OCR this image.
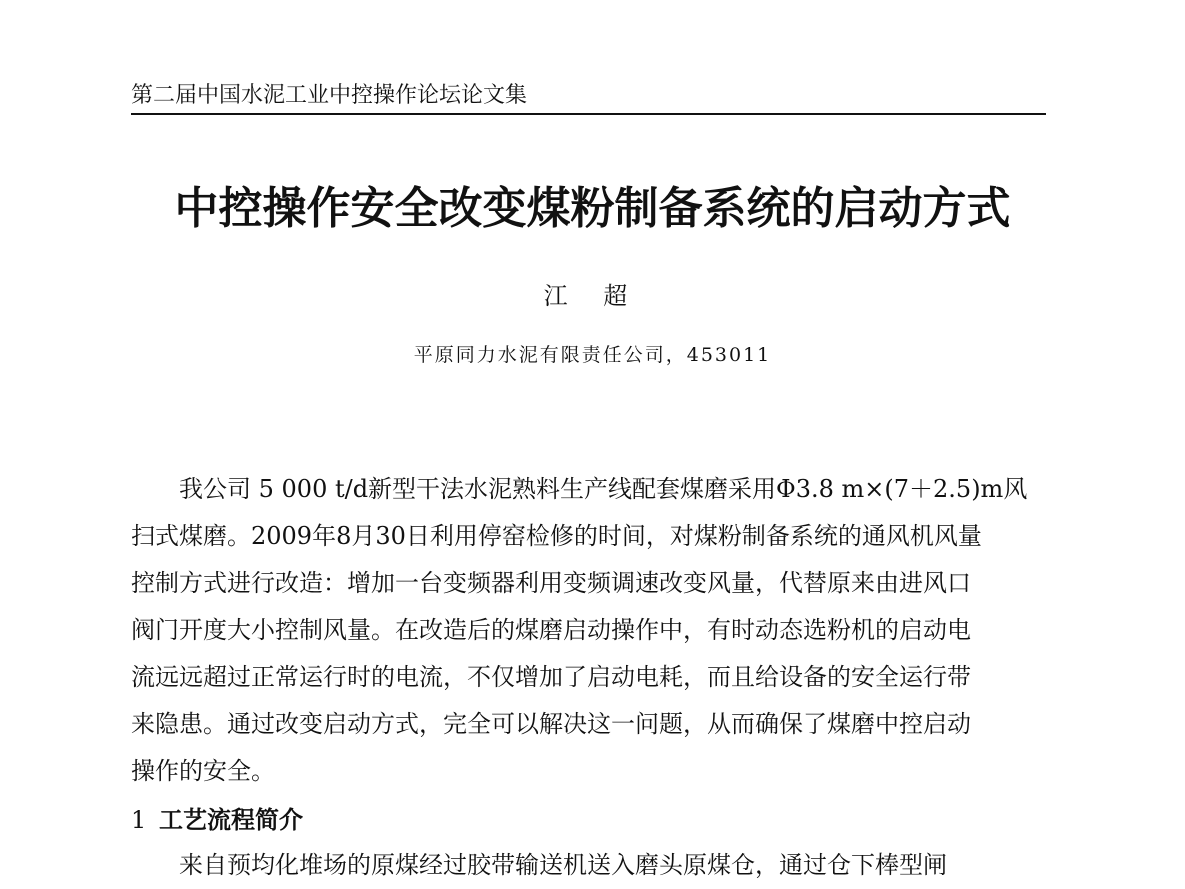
第二届中国水泥工业中控操作论坛论文集
中控操作安全改变煤粉制备系统的启动方式
江 超
平原同力水泥有限责任公司，453011
我公司 5 000 t/d新型干法水泥熟料生产线配套煤磨采用Φ3.8 m×(7＋2.5)m风
扫式煤磨。2009年8月30日利用停窑检修的时间，对煤粉制备系统的通风机风量
控制方式进行改造：增加一台变频器利用变频调速改变风量，代替原来由进风口
阀门开度大小控制风量。在改造后的煤磨启动操作中，有时动态选粉机的启动电
流远远超过正常运行时的电流，不仅增加了启动电耗，而且给设备的安全运行带
来隐患。通过改变启动方式，完全可以解决这一问题，从而确保了煤磨中控启动
操作的安全。
1 工艺流程简介
来自预均化堆场的原煤经过胶带输送机送入磨头原煤仓，通过仓下棒型闸
